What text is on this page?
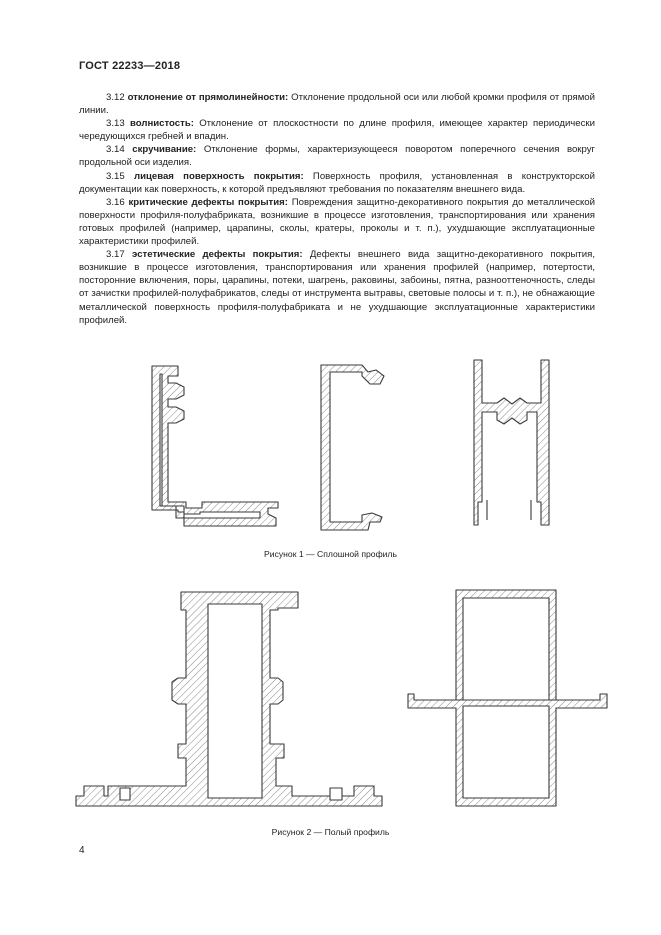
ГОСТ 22233—2018

3.12 отклонение от прямолинейности: Отклонение продольной оси или любой кромки профиля от прямой линии.

3.13 волнистость: Отклонение от плоскостности по длине профиля, имеющее характер периодически чередующихся гребней и впадин.

3.14 скручивание: Отклонение формы, характеризующееся поворотом поперечного сечения вокруг продольной оси изделия.

3.15 лицевая поверхность покрытия: Поверхность профиля, установленная в конструкторской документации как поверхность, к которой предъявляют требования по показателям внешнего вида.

3.16 критические дефекты покрытия: Повреждения защитно-декоративного покрытия до металлической поверхности профиля-полуфабриката, возникшие в процессе изготовления, транспортирования или хранения готовых профилей (например, царапины, сколы, кратеры, проколы и т. п.), ухудшающие эксплуатационные характеристики профилей.

3.17 эстетические дефекты покрытия: Дефекты внешнего вида защитно-декоративного покрытия, возникшие в процессе изготовления, транспортирования или хранения профилей (например, потертости, посторонние включения, поры, царапины, потеки, шагрень, раковины, забоины, пятна, разнооттеночность, следы от зачистки профилей-полуфабрикатов, следы от инструмента вытравы, световые полосы и т. п.), не обнажающие металлической поверхность профиля-полуфабриката и не ухудшающие эксплуатационные характеристики профилей.

Рисунок 1 — Сплошной профиль
Рисунок 2 — Полый профиль
4
